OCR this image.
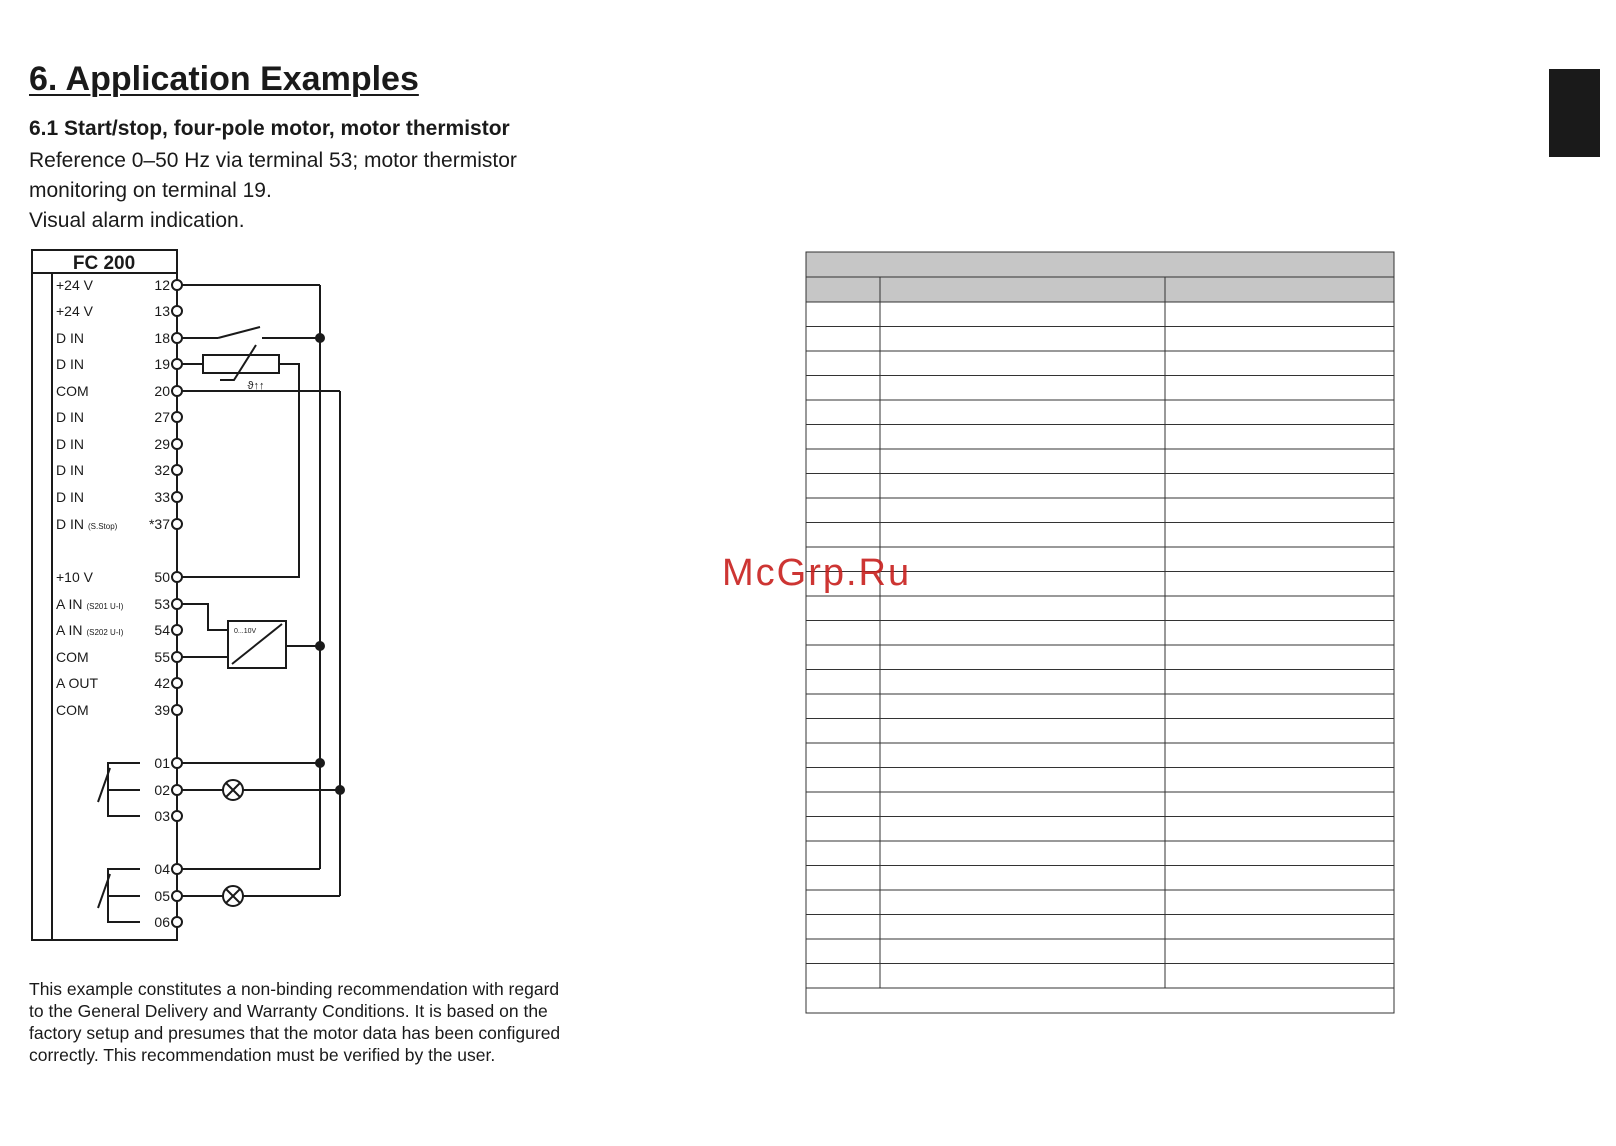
6. Application Examples
6.1 Start/stop, four-pole motor, motor thermistor
Reference 0–50 Hz via terminal 53; motor thermistor
monitoring on terminal 19.
Visual alarm indication.
FC 200
+24 V	12
+24 V	13
D IN	18
D IN	19
COM	20
D IN	27
D IN	29
D IN	32
D IN	33
D IN (S.Stop) *37
+10 V	50
A IN (S201 U-I) 53
A IN (S202 U-I) 54
COM	55
A OUT	42
COM	39
01
02
03
04
05
06
ϑ↑↑
0...10V
McGrp.Ru
This example constitutes a non-binding recommendation with regard
to the General Delivery and Warranty Conditions. It is based on the
factory setup and presumes that the motor data has been configured
correctly. This recommendation must be verified by the user.
